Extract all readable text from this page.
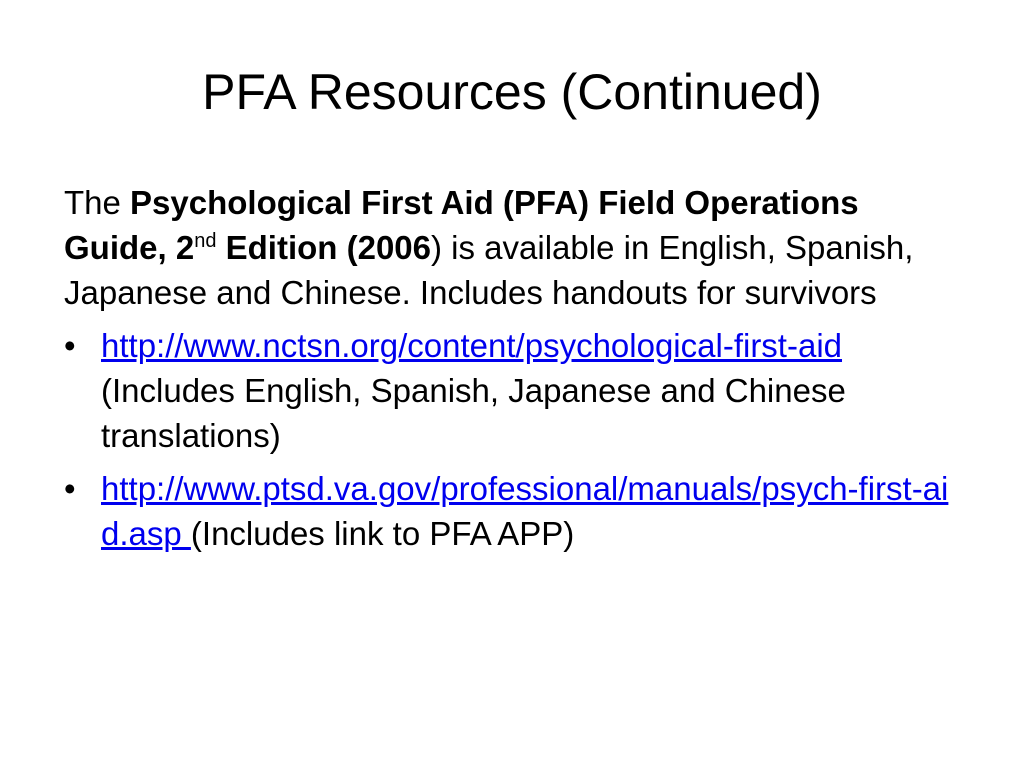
PFA Resources (Continued)

The Psychological First Aid (PFA) Field Operations Guide, 2nd Edition (2006) is available in English, Spanish, Japanese and Chinese. Includes handouts for survivors

• http://www.nctsn.org/content/psychological-first-aid (Includes English, Spanish, Japanese and Chinese translations)
• http://www.ptsd.va.gov/professional/manuals/psych-first-aid.asp (Includes link to PFA APP)
